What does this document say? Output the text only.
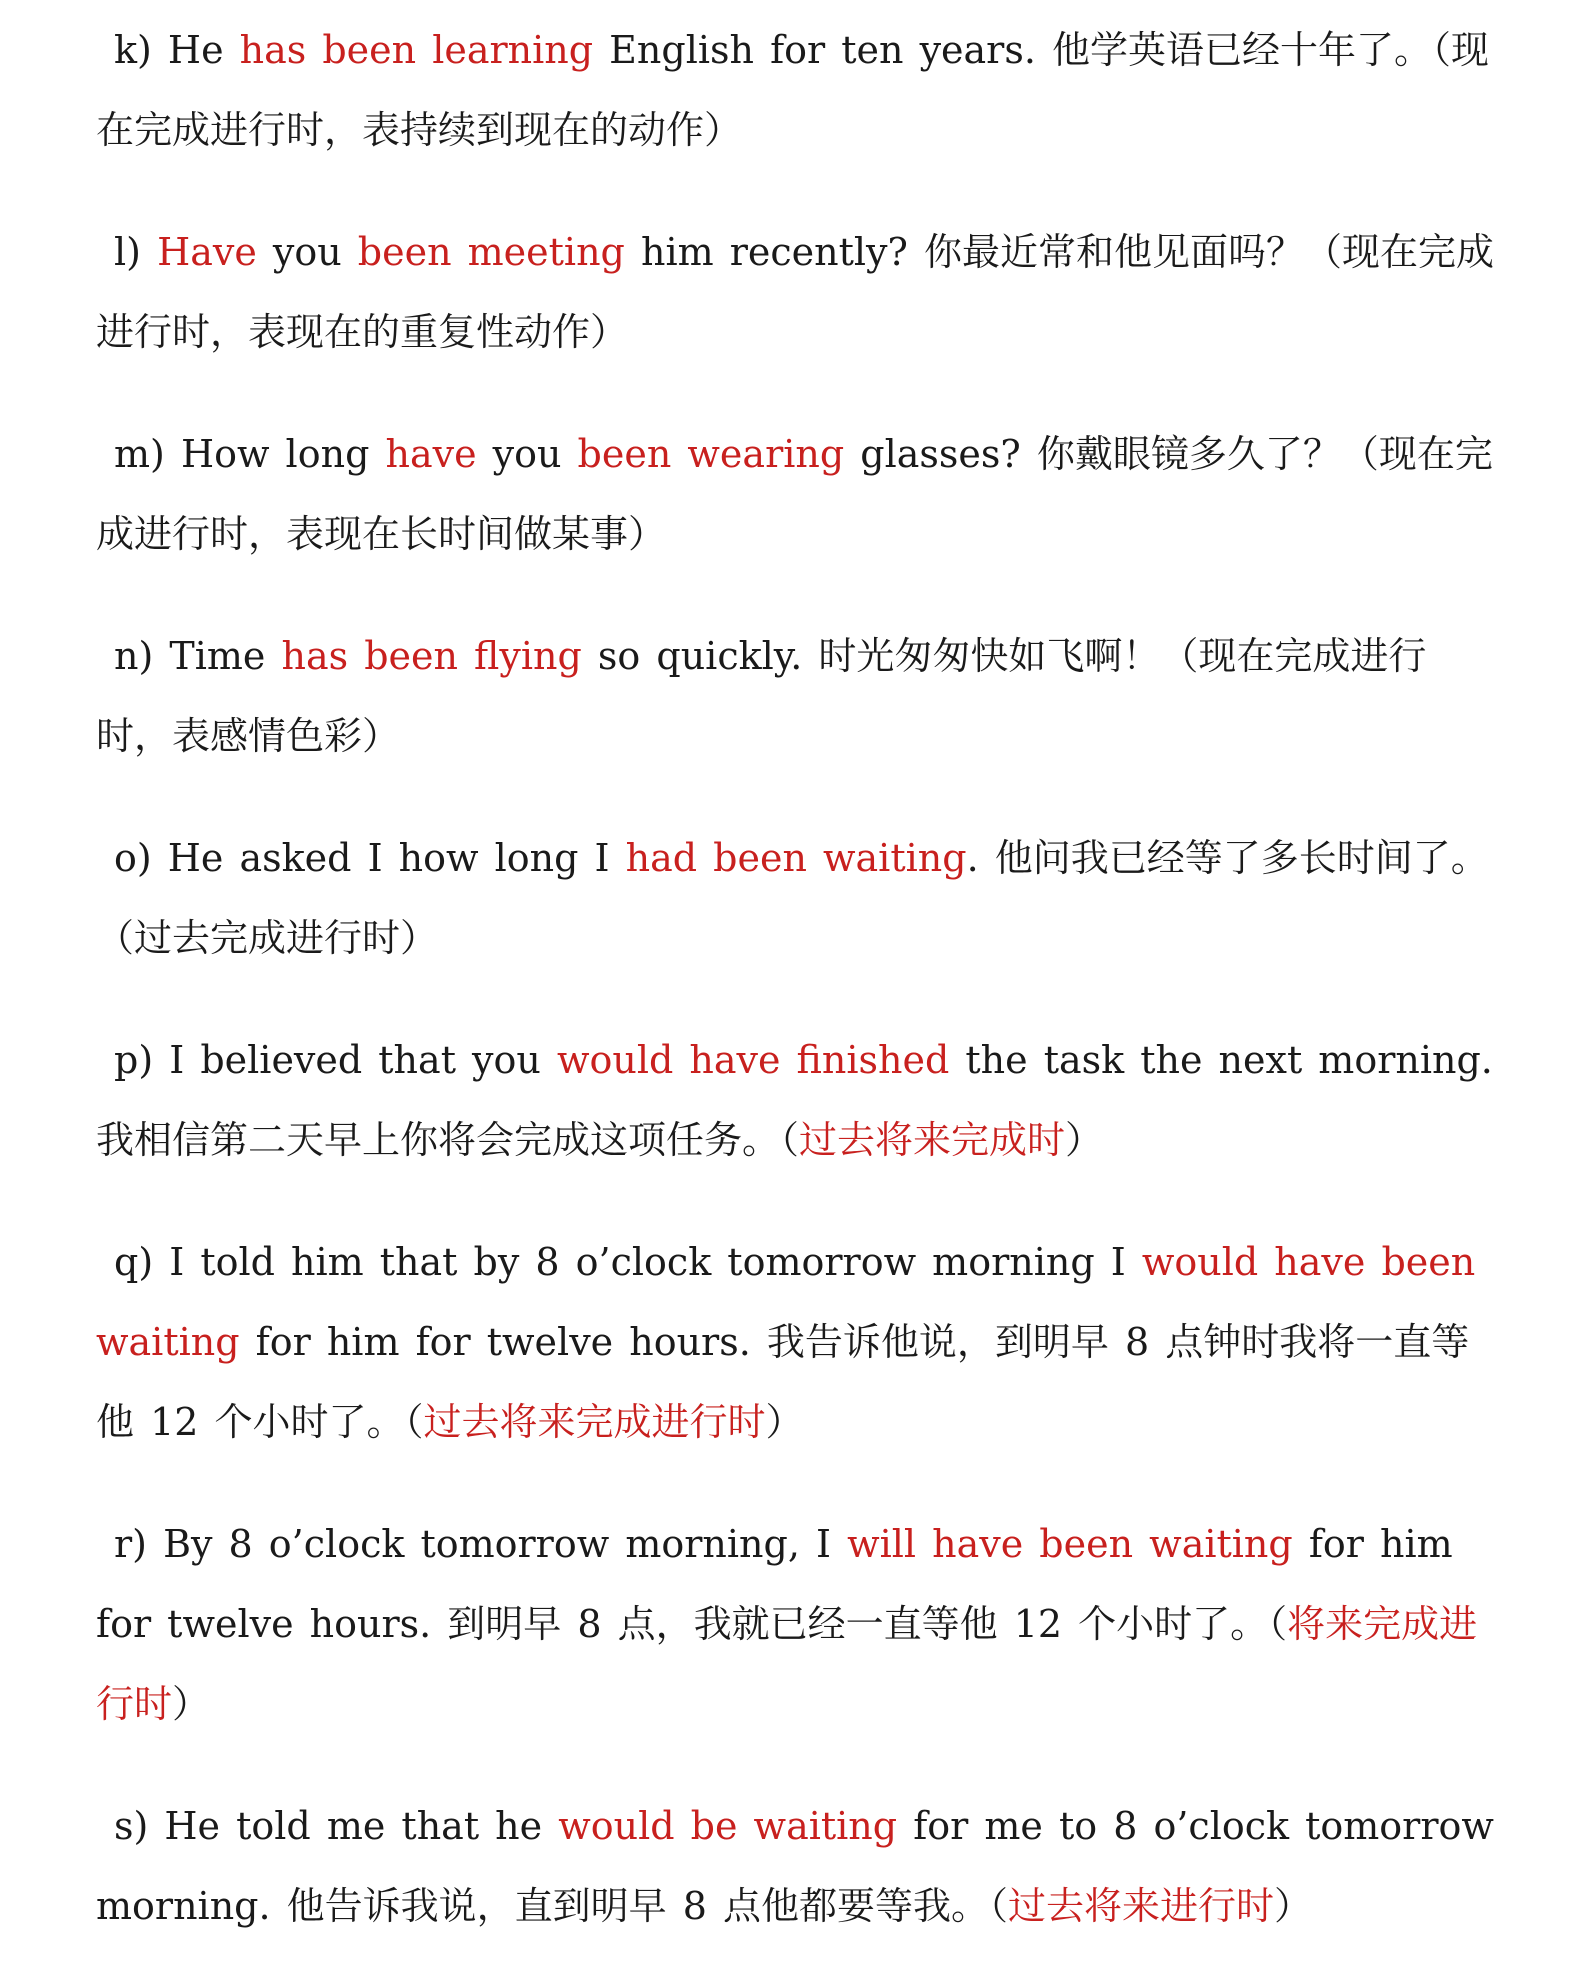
k) He has been learning English for ten years. 他学英语已经十年了。（现在完成进行时，表持续到现在的动作）

l) Have you been meeting him recently? 你最近常和他见面吗？（现在完成进行时，表现在的重复性动作）

m) How long have you been wearing glasses? 你戴眼镜多久了？（现在完成进行时，表现在长时间做某事）

n) Time has been flying so quickly. 时光匆匆快如飞啊！（现在完成进行时，表感情色彩）

o) He asked I how long I had been waiting. 他问我已经等了多长时间了。（过去完成进行时）

p) I believed that you would have finished the task the next morning. 我相信第二天早上你将会完成这项任务。（过去将来完成时）

q) I told him that by 8 o’clock tomorrow morning I would have been waiting for him for twelve hours. 我告诉他说，到明早 8 点钟时我将一直等他 12 个小时了。（过去将来完成进行时）

r) By 8 o’clock tomorrow morning, I will have been waiting for him for twelve hours. 到明早 8 点，我就已经一直等他 12 个小时了。（将来完成进行时）

s) He told me that he would be waiting for me to 8 o’clock tomorrow morning. 他告诉我说，直到明早 8 点他都要等我。（过去将来进行时）
